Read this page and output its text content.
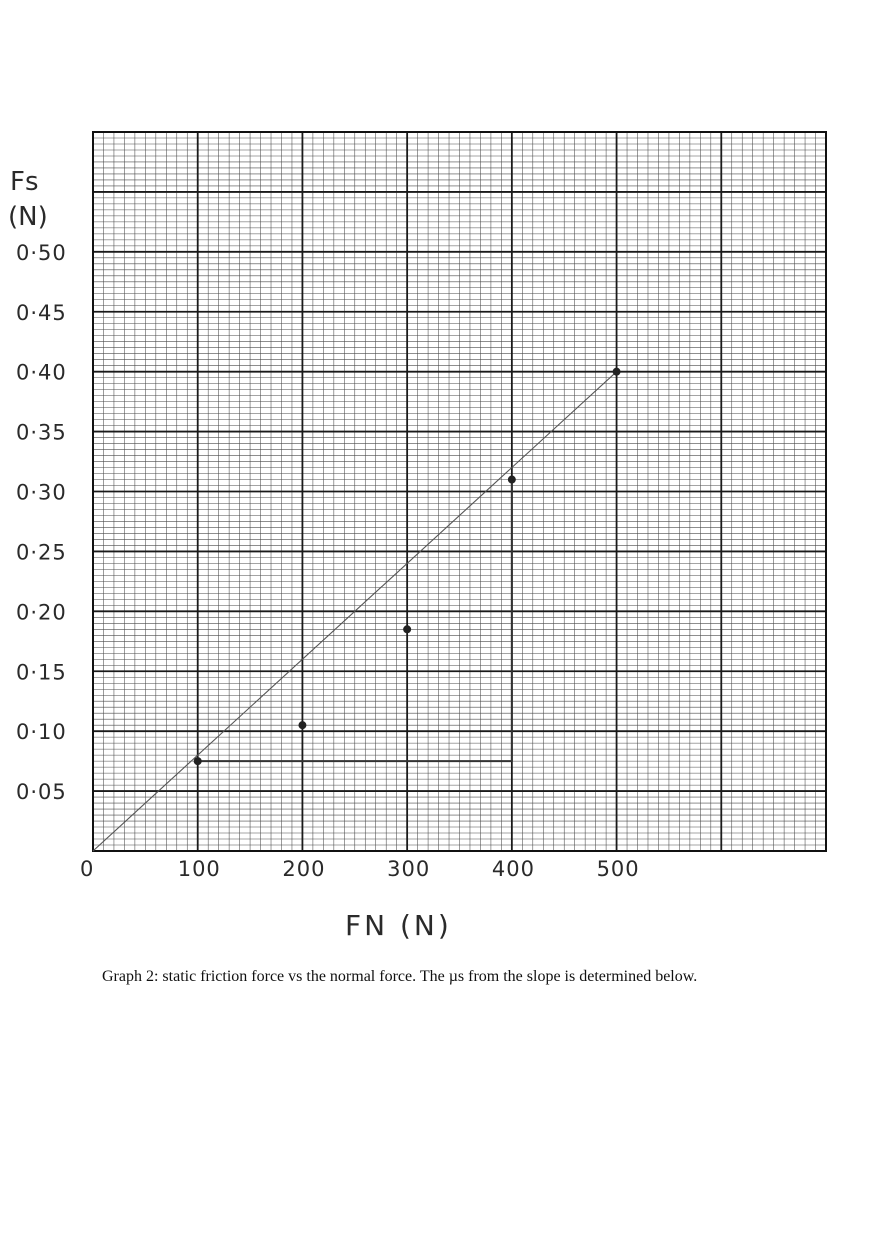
0·05
0·10
0·15
0·20
0·25
0·30
0·35
0·40
0·45
0·50
0	100	200	300	400	500
Fs
(N)
FN (N)
Graph 2: static friction force vs the normal force. The µs from the slope is determined below.
